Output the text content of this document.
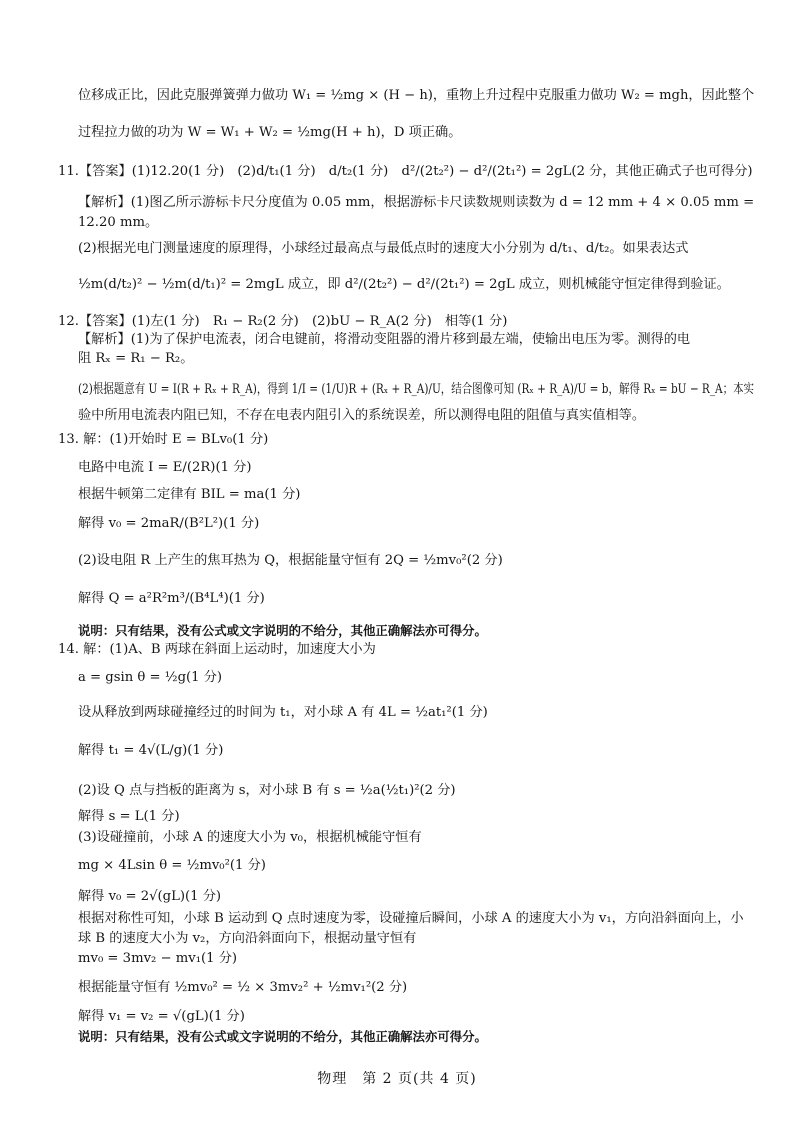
位移成正比，因此克服弹簧弹力做功 W₁ = ½mg × (H − h)，重物上升过程中克服重力做功 W₂ = mgh，因此整个
过程拉力做的功为 W = W₁ + W₂ = ½mg(H + h)，D 项正确。
11.【答案】(1)12.20(1 分)　(2)d/t₁(1 分)　d/t₂(1 分)　d²/(2t₂²) − d²/(2t₁²) = 2gL(2 分，其他正确式子也可得分)
【解析】(1)图乙所示游标卡尺分度值为 0.05 mm，根据游标卡尺读数规则读数为 d = 12 mm + 4 × 0.05 mm =
12.20 mm。
(2)根据光电门测量速度的原理得，小球经过最高点与最低点时的速度大小分别为 d/t₁、d/t₂。如果表达式
½m(d/t₂)² − ½m(d/t₁)² = 2mgL 成立，即 d²/(2t₂²) − d²/(2t₁²) = 2gL 成立，则机械能守恒定律得到验证。
12.【答案】(1)左(1 分)　R₁ − R₂(2 分)　(2)bU − R_A(2 分)　相等(1 分)
【解析】(1)为了保护电流表，闭合电键前，将滑动变阻器的滑片移到最左端，使输出电压为零。测得的电
阻 Rₓ = R₁ − R₂。
(2)根据题意有 U = I(R + Rₓ + R_A)，得到 1/I = (1/U)R + (Rₓ + R_A)/U，结合图像可知 (Rₓ + R_A)/U = b，解得 Rₓ = bU − R_A；本实
验中所用电流表内阻已知，不存在电表内阻引入的系统误差，所以测得电阻的阻值与真实值相等。
13. 解：(1)开始时 E = BLv₀(1 分)
电路中电流 I = E/(2R)(1 分)
根据牛顿第二定律有 BIL = ma(1 分)
解得 v₀ = 2maR/(B²L²)(1 分)
(2)设电阻 R 上产生的焦耳热为 Q，根据能量守恒有 2Q = ½mv₀²(2 分)
解得 Q = a²R²m³/(B⁴L⁴)(1 分)
说明：只有结果，没有公式或文字说明的不给分，其他正确解法亦可得分。
14. 解：(1)A、B 两球在斜面上运动时，加速度大小为
a = gsin θ = ½g(1 分)
设从释放到两球碰撞经过的时间为 t₁，对小球 A 有 4L = ½at₁²(1 分)
解得 t₁ = 4√(L/g)(1 分)
(2)设 Q 点与挡板的距离为 s，对小球 B 有 s = ½a(½t₁)²(2 分)
解得 s = L(1 分)
(3)设碰撞前，小球 A 的速度大小为 v₀，根据机械能守恒有
mg × 4Lsin θ = ½mv₀²(1 分)
解得 v₀ = 2√(gL)(1 分)
根据对称性可知，小球 B 运动到 Q 点时速度为零，设碰撞后瞬间，小球 A 的速度大小为 v₁，方向沿斜面向上，小
球 B 的速度大小为 v₂，方向沿斜面向下，根据动量守恒有
mv₀ = 3mv₂ − mv₁(1 分)
根据能量守恒有 ½mv₀² = ½ × 3mv₂² + ½mv₁²(2 分)
解得 v₁ = v₂ = √(gL)(1 分)
说明：只有结果，没有公式或文字说明的不给分，其他正确解法亦可得分。
物理　第 2 页(共 4 页)
